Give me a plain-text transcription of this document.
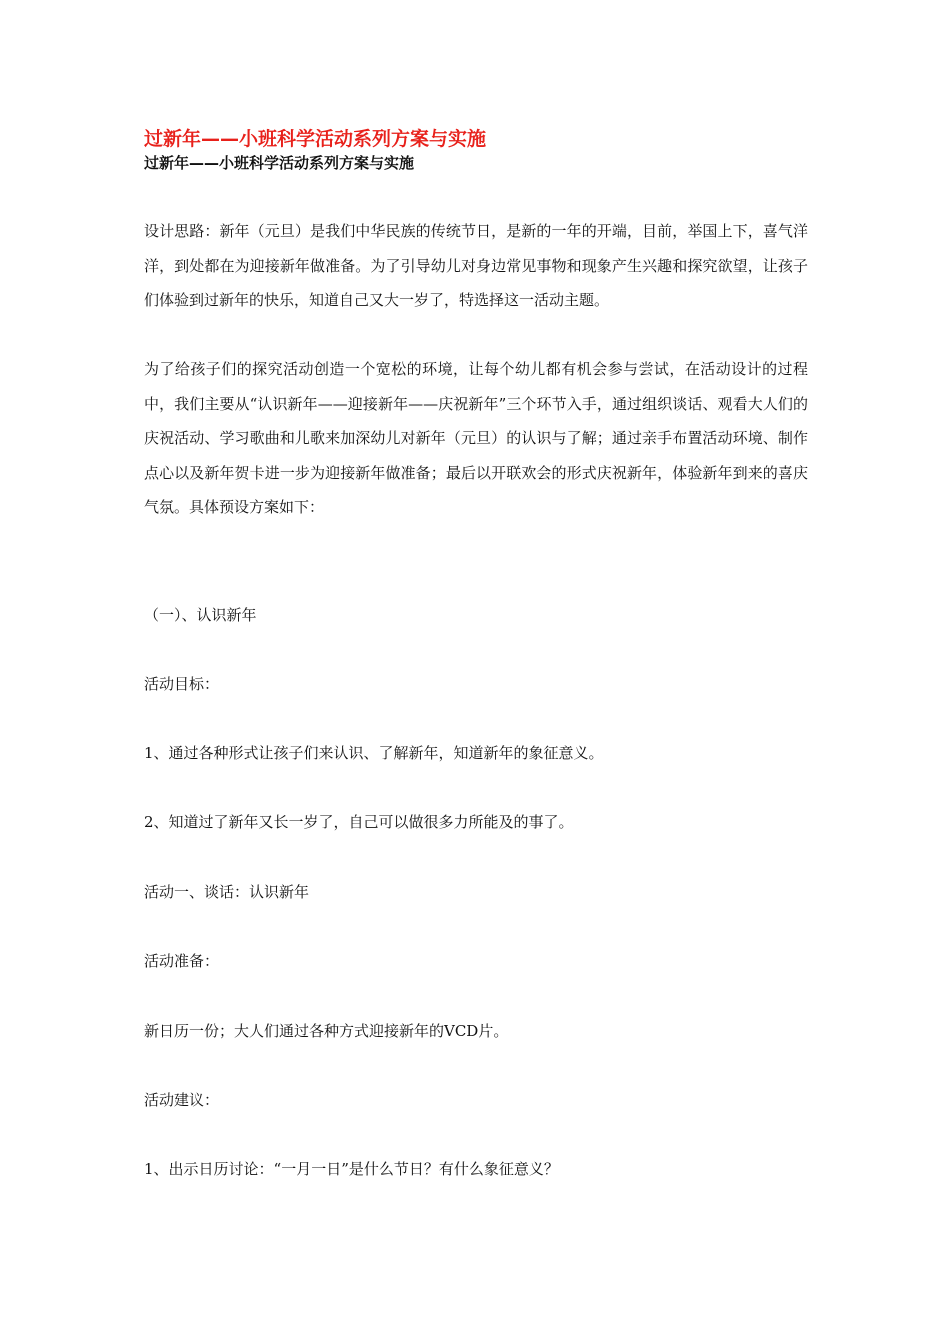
过新年——小班科学活动系列方案与实施
过新年——小班科学活动系列方案与实施
设计思路：新年（元旦）是我们中华民族的传统节日，是新的一年的开端，目前，举国上下，喜气洋洋，到处都在为迎接新年做准备。为了引导幼儿对身边常见事物和现象产生兴趣和探究欲望，让孩子们体验到过新年的快乐，知道自己又大一岁了，特选择这一活动主题。
为了给孩子们的探究活动创造一个宽松的环境，让每个幼儿都有机会参与尝试，在活动设计的过程中，我们主要从“认识新年——迎接新年——庆祝新年”三个环节入手，通过组织谈话、观看大人们的庆祝活动、学习歌曲和儿歌来加深幼儿对新年（元旦）的认识与了解；通过亲手布置活动环境、制作点心以及新年贺卡进一步为迎接新年做准备；最后以开联欢会的形式庆祝新年，体验新年到来的喜庆气氛。具体预设方案如下：
（一）、认识新年
活动目标：
1、通过各种形式让孩子们来认识、了解新年，知道新年的象征意义。
2、知道过了新年又长一岁了，自己可以做很多力所能及的事了。
活动一、谈话：认识新年
活动准备：
新日历一份；大人们通过各种方式迎接新年的VCD片。
活动建议：
1、出示日历讨论：“一月一日”是什么节日？有什么象征意义？
